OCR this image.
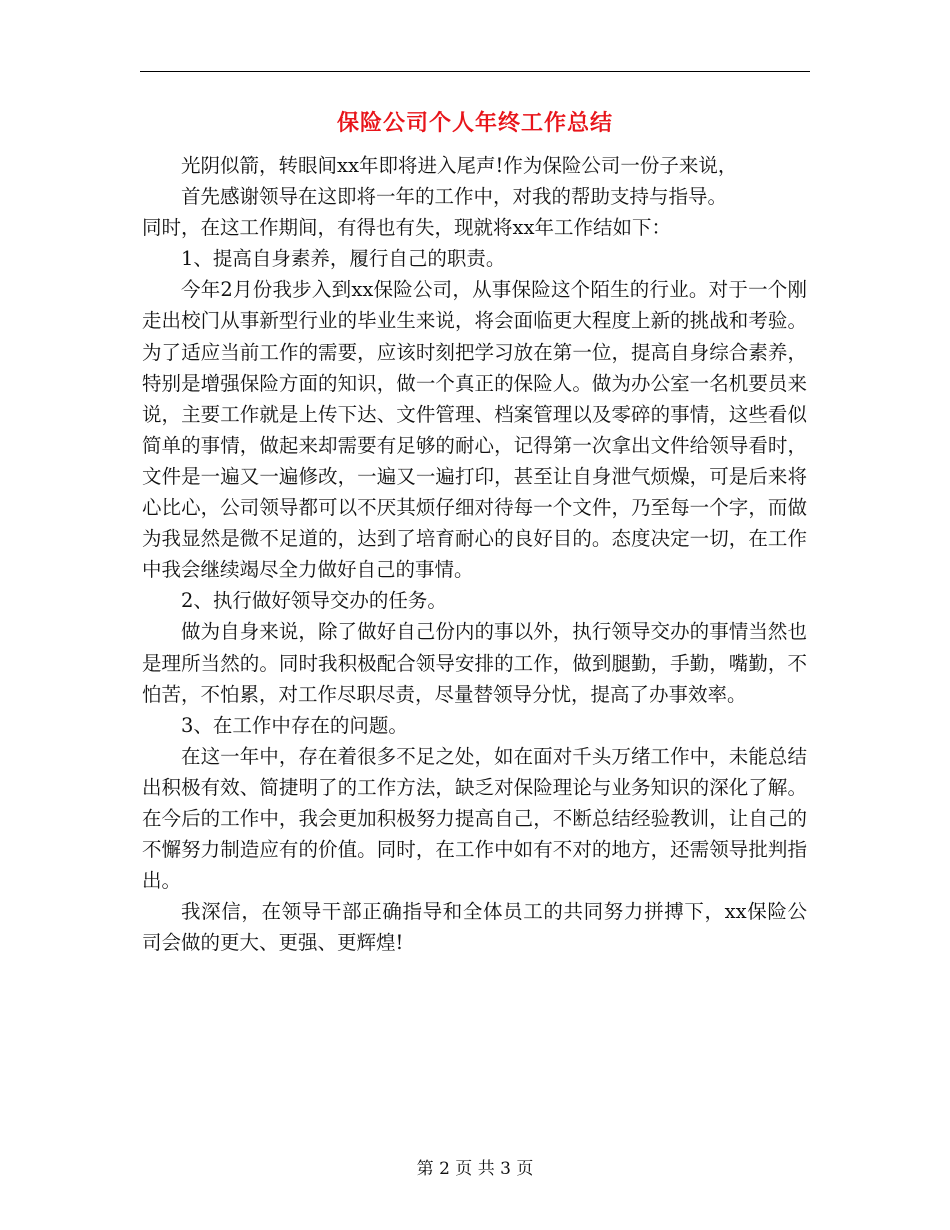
保险公司个人年终工作总结

光阴似箭，转眼间xx年即将进入尾声!作为保险公司一份子来说，

首先感谢领导在这即将一年的工作中，对我的帮助支持与指导。

同时，在这工作期间，有得也有失，现就将xx年工作结如下：

1、提高自身素养，履行自己的职责。

今年2月份我步入到xx保险公司，从事保险这个陌生的行业。对于一个刚走出校门从事新型行业的毕业生来说，将会面临更大程度上新的挑战和考验。为了适应当前工作的需要，应该时刻把学习放在第一位，提高自身综合素养，特别是增强保险方面的知识，做一个真正的保险人。做为办公室一名机要员来说，主要工作就是上传下达、文件管理、档案管理以及零碎的事情，这些看似简单的事情，做起来却需要有足够的耐心，记得第一次拿出文件给领导看时，文件是一遍又一遍修改，一遍又一遍打印，甚至让自身泄气烦燥，可是后来将心比心，公司领导都可以不厌其烦仔细对待每一个文件，乃至每一个字，而做为我显然是微不足道的，达到了培育耐心的良好目的。态度决定一切，在工作中我会继续竭尽全力做好自己的事情。

2、执行做好领导交办的任务。

做为自身来说，除了做好自己份内的事以外，执行领导交办的事情当然也是理所当然的。同时我积极配合领导安排的工作，做到腿勤，手勤，嘴勤，不怕苦，不怕累，对工作尽职尽责，尽量替领导分忧，提高了办事效率。

3、在工作中存在的问题。

在这一年中，存在着很多不足之处，如在面对千头万绪工作中，未能总结出积极有效、简捷明了的工作方法，缺乏对保险理论与业务知识的深化了解。在今后的工作中，我会更加积极努力提高自己，不断总结经验教训，让自己的不懈努力制造应有的价值。同时，在工作中如有不对的地方，还需领导批判指出。

我深信，在领导干部正确指导和全体员工的共同努力拼搏下，xx保险公司会做的更大、更强、更辉煌!

第 2 页 共 3 页
